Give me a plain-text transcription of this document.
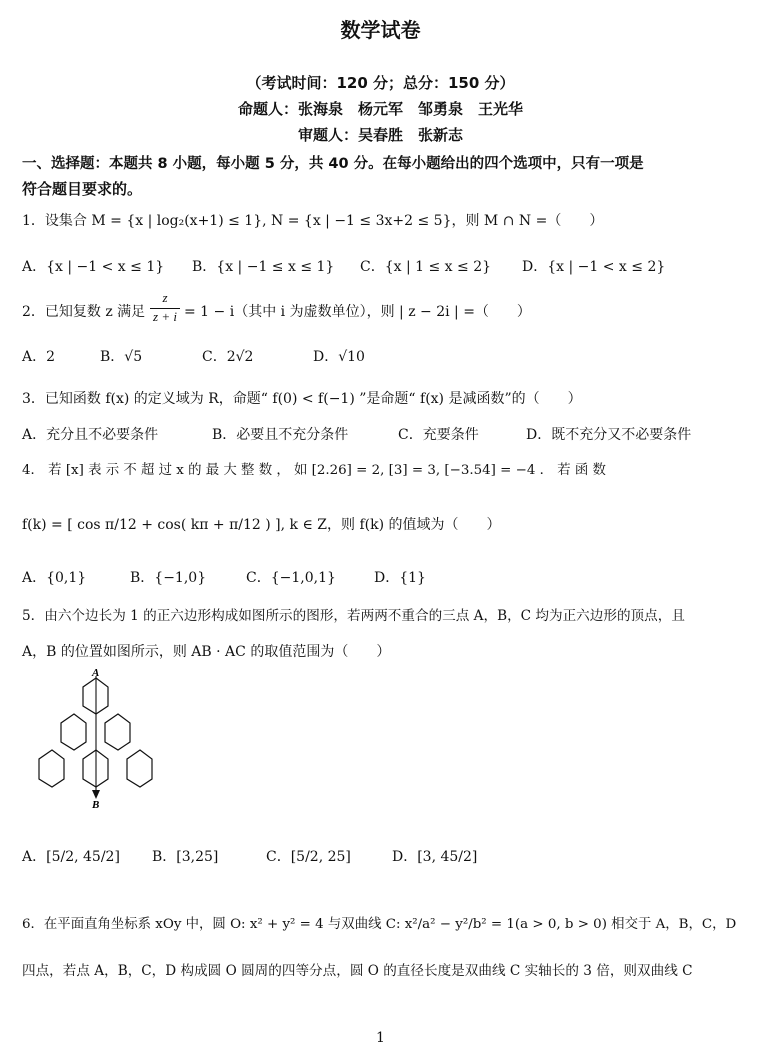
数学试卷
（考试时间：120 分；总分：150 分）
命题人：张海泉　杨元军　邹勇泉　王光华
审题人：吴春胜　张新志
一、选择题：本题共 8 小题，每小题 5 分，共 40 分。在每小题给出的四个选项中，只有一项是
符合题目要求的。
1．设集合 M = {x | log₂(x+1) ≤ 1}, N = {x | −1 ≤ 3x+2 ≤ 5}，则 M ∩ N =（　　）
A．{x | −1 < x ≤ 1} B．{x | −1 ≤ x ≤ 1} C．{x | 1 ≤ x ≤ 2} D．{x | −1 < x ≤ 2}
2．已知复数 z 满足 $\frac{z}{z + i} = 1 - i$（其中 i 为虚数单位），则 | z − 2i | =（　　）
A．2	B．√5	C．2√2	D．√10
3．已知函数 f(x) 的定义域为 R，命题“ f(0) < f(−1) ”是命题“ f(x) 是减函数”的（　　）
A．充分且不必要条件	B．必要且不充分条件	C．充要条件	D．既不充分又不必要条件
4． 若 [x] 表 示 不 超 过 x 的 最 大 整 数 ， 如 [2.26] = 2, [3] = 3, [−3.54] = −4 ． 若 函 数
f(k) = [ cos π/12 + cos( kπ + π/12 ) ], k ∈ Z，则 f(k) 的值域为（　　）
A．{0,1}	B．{−1,0}	C．{−1,0,1}	D．{1}
5．由六个边长为 1 的正六边形构成如图所示的图形，若两两不重合的三点 A，B，C 均为正六边形的顶点，且
A，B 的位置如图所示，则 AB · AC 的取值范围为（　　）
A
B
A．[5/2, 45/2] B．[3,25]	C．[5/2, 25]	D．[3, 45/2]
6．在平面直角坐标系 xOy 中，圆 O: x² + y² = 4 与双曲线 C: x²/a² − y²/b² = 1(a > 0, b > 0) 相交于 A，B，C，D
四点，若点 A，B，C，D 构成圆 O 圆周的四等分点，圆 O 的直径长度是双曲线 C 实轴长的 3 倍，则双曲线 C
1
